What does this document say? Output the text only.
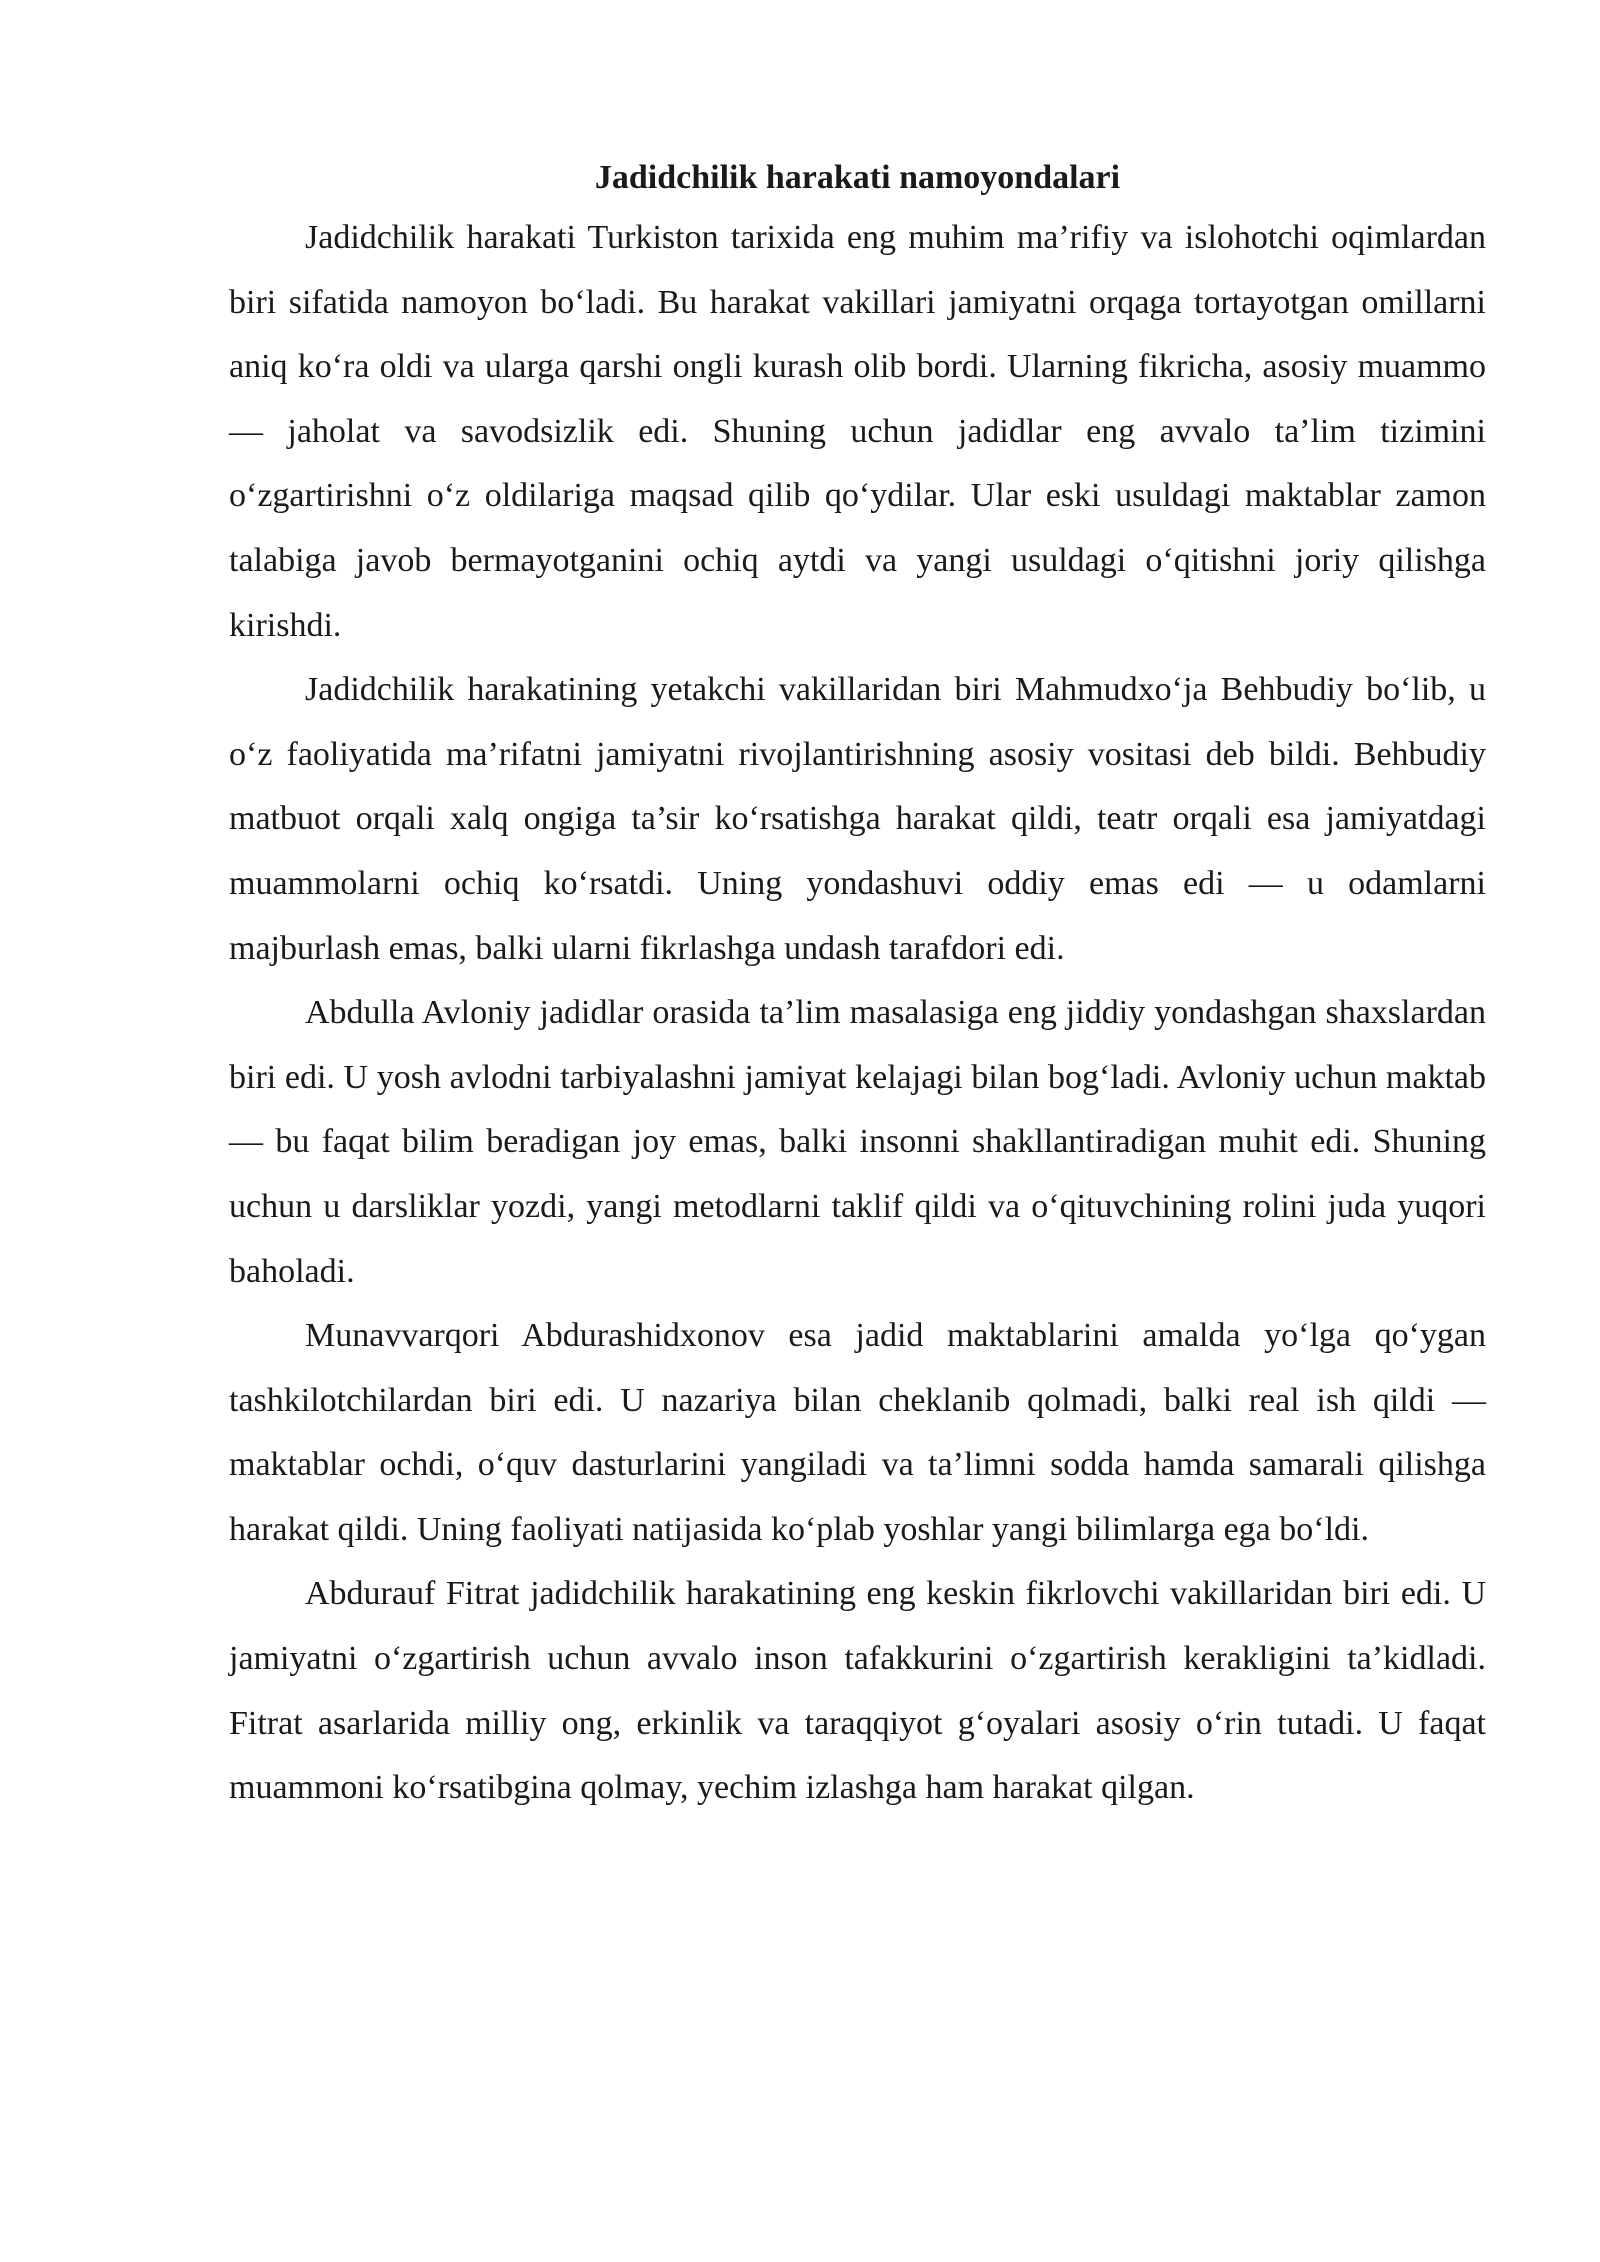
Jadidchilik harakati namoyondalari

Jadidchilik harakati Turkiston tarixida eng muhim ma’rifiy va islohotchi oqimlardan biri sifatida namoyon bo‘ladi. Bu harakat vakillari jamiyatni orqaga tortayotgan omillarni aniq ko‘ra oldi va ularga qarshi ongli kurash olib bordi. Ularning fikricha, asosiy muammo — jaholat va savodsizlik edi. Shuning uchun jadidlar eng avvalo ta’lim tizimini o‘zgartirishni o‘z oldilariga maqsad qilib qo‘ydilar. Ular eski usuldagi maktablar zamon talabiga javob bermayotganini ochiq aytdi va yangi usuldagi o‘qitishni joriy qilishga kirishdi.

Jadidchilik harakatining yetakchi vakillaridan biri Mahmudxo‘ja Behbudiy bo‘lib, u o‘z faoliyatida ma’rifatni jamiyatni rivojlantirishning asosiy vositasi deb bildi. Behbudiy matbuot orqali xalq ongiga ta’sir ko‘rsatishga harakat qildi, teatr orqali esa jamiyatdagi muammolarni ochiq ko‘rsatdi. Uning yondashuvi oddiy emas edi — u odamlarni majburlash emas, balki ularni fikrlashga undash tarafdori edi.

Abdulla Avloniy jadidlar orasida ta’lim masalasiga eng jiddiy yondashgan shaxslardan biri edi. U yosh avlodni tarbiyalashni jamiyat kelajagi bilan bog‘ladi. Avloniy uchun maktab — bu faqat bilim beradigan joy emas, balki insonni shakllantiradigan muhit edi. Shuning uchun u darsliklar yozdi, yangi metodlarni taklif qildi va o‘qituvchining rolini juda yuqori baholadi.

Munavvarqori Abdurashidxonov esa jadid maktablarini amalda yo‘lga qo‘ygan tashkilotchilardan biri edi. U nazariya bilan cheklanib qolmadi, balki real ish qildi — maktablar ochdi, o‘quv dasturlarini yangiladi va ta’limni sodda hamda samarali qilishga harakat qildi. Uning faoliyati natijasida ko‘plab yoshlar yangi bilimlarga ega bo‘ldi.

Abdurauf Fitrat jadidchilik harakatining eng keskin fikrlovchi vakillaridan biri edi. U jamiyatni o‘zgartirish uchun avvalo inson tafakkurini o‘zgartirish kerakligini ta’kidladi. Fitrat asarlarida milliy ong, erkinlik va taraqqiyot g‘oyalari asosiy o‘rin tutadi. U faqat muammoni ko‘rsatibgina qolmay, yechim izlashga ham harakat qilgan.
